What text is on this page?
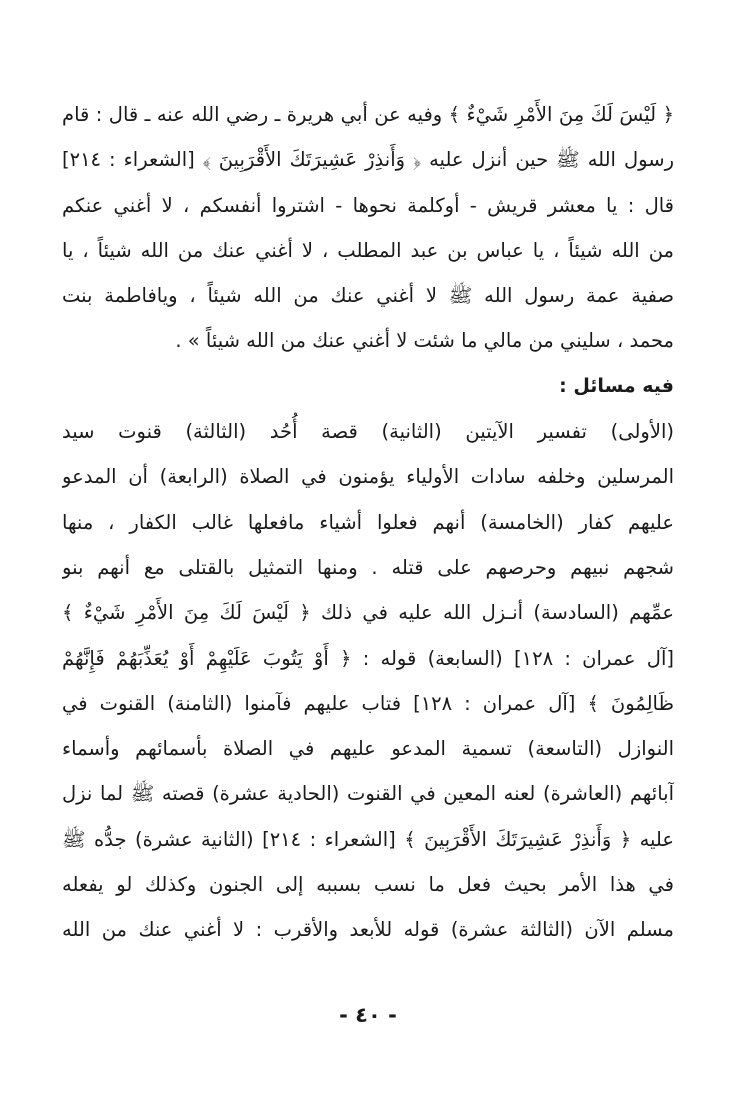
﴿ لَيْسَ لَكَ مِنَ الأَمْرِ شَيْءٌ ﴾ وفيه عن أبي هريرة ـ رضي الله عنه ـ قال : قام
رسول الله ﷺ حين أنزل عليه ﴿ وَأَنذِرْ عَشِيرَتَكَ الأَقْرَبِينَ ﴾ [الشعراء : ٢١٤]
قال : يا معشر قريش - أوكلمة نحوها - اشتروا أنفسكم ، لا أغني عنكم
من الله شيئاً ، يا عباس بن عبد المطلب ، لا أغني عنك من الله شيئاً ، يا
صفية عمة رسول الله ﷺ لا أغني عنك من الله شيئاً ، ويافاطمة بنت
محمد ، سليني من مالي ما شئت لا أغني عنك من الله شيئاً » .
فيه مسائل :
(الأولى) تفسير الآيتين (الثانية) قصة أُحُد (الثالثة) قنوت سيد
المرسلين وخلفه سادات الأولياء يؤمنون في الصلاة (الرابعة) أن المدعو
عليهم كفار (الخامسة) أنهم فعلوا أشياء مافعلها غالب الكفار ، منها
شجهم نبيهم وحرصهم على قتله . ومنها التمثيل بالقتلى مع أنهم بنو
عمِّهم (السادسة) أنـزل الله عليه في ذلك ﴿ لَيْسَ لَكَ مِنَ الأَمْرِ شَيْءٌ ﴾
[آل عمران : ١٢٨] (السابعة) قوله : ﴿ أَوْ يَتُوبَ عَلَيْهِمْ أَوْ يُعَذِّبَهُمْ فَإِنَّهُمْ
ظَالِمُونَ ﴾ [آل عمران : ١٢٨] فتاب عليهم فآمنوا (الثامنة) القنوت في
النوازل (التاسعة) تسمية المدعو عليهم في الصلاة بأسمائهم وأسماء
آبائهم (العاشرة) لعنه المعين في القنوت (الحادية عشرة) قصته ﷺ لما نزل
عليه ﴿ وَأَنذِرْ عَشِيرَتَكَ الأَقْرَبِينَ ﴾ [الشعراء : ٢١٤] (الثانية عشرة) جدُّه ﷺ
في هذا الأمر بحيث فعل ما نسب بسببه إلى الجنون وكذلك لو يفعله
مسلم الآن (الثالثة عشرة) قوله للأبعد والأقرب : لا أغني عنك من الله
- ٤٠ -
